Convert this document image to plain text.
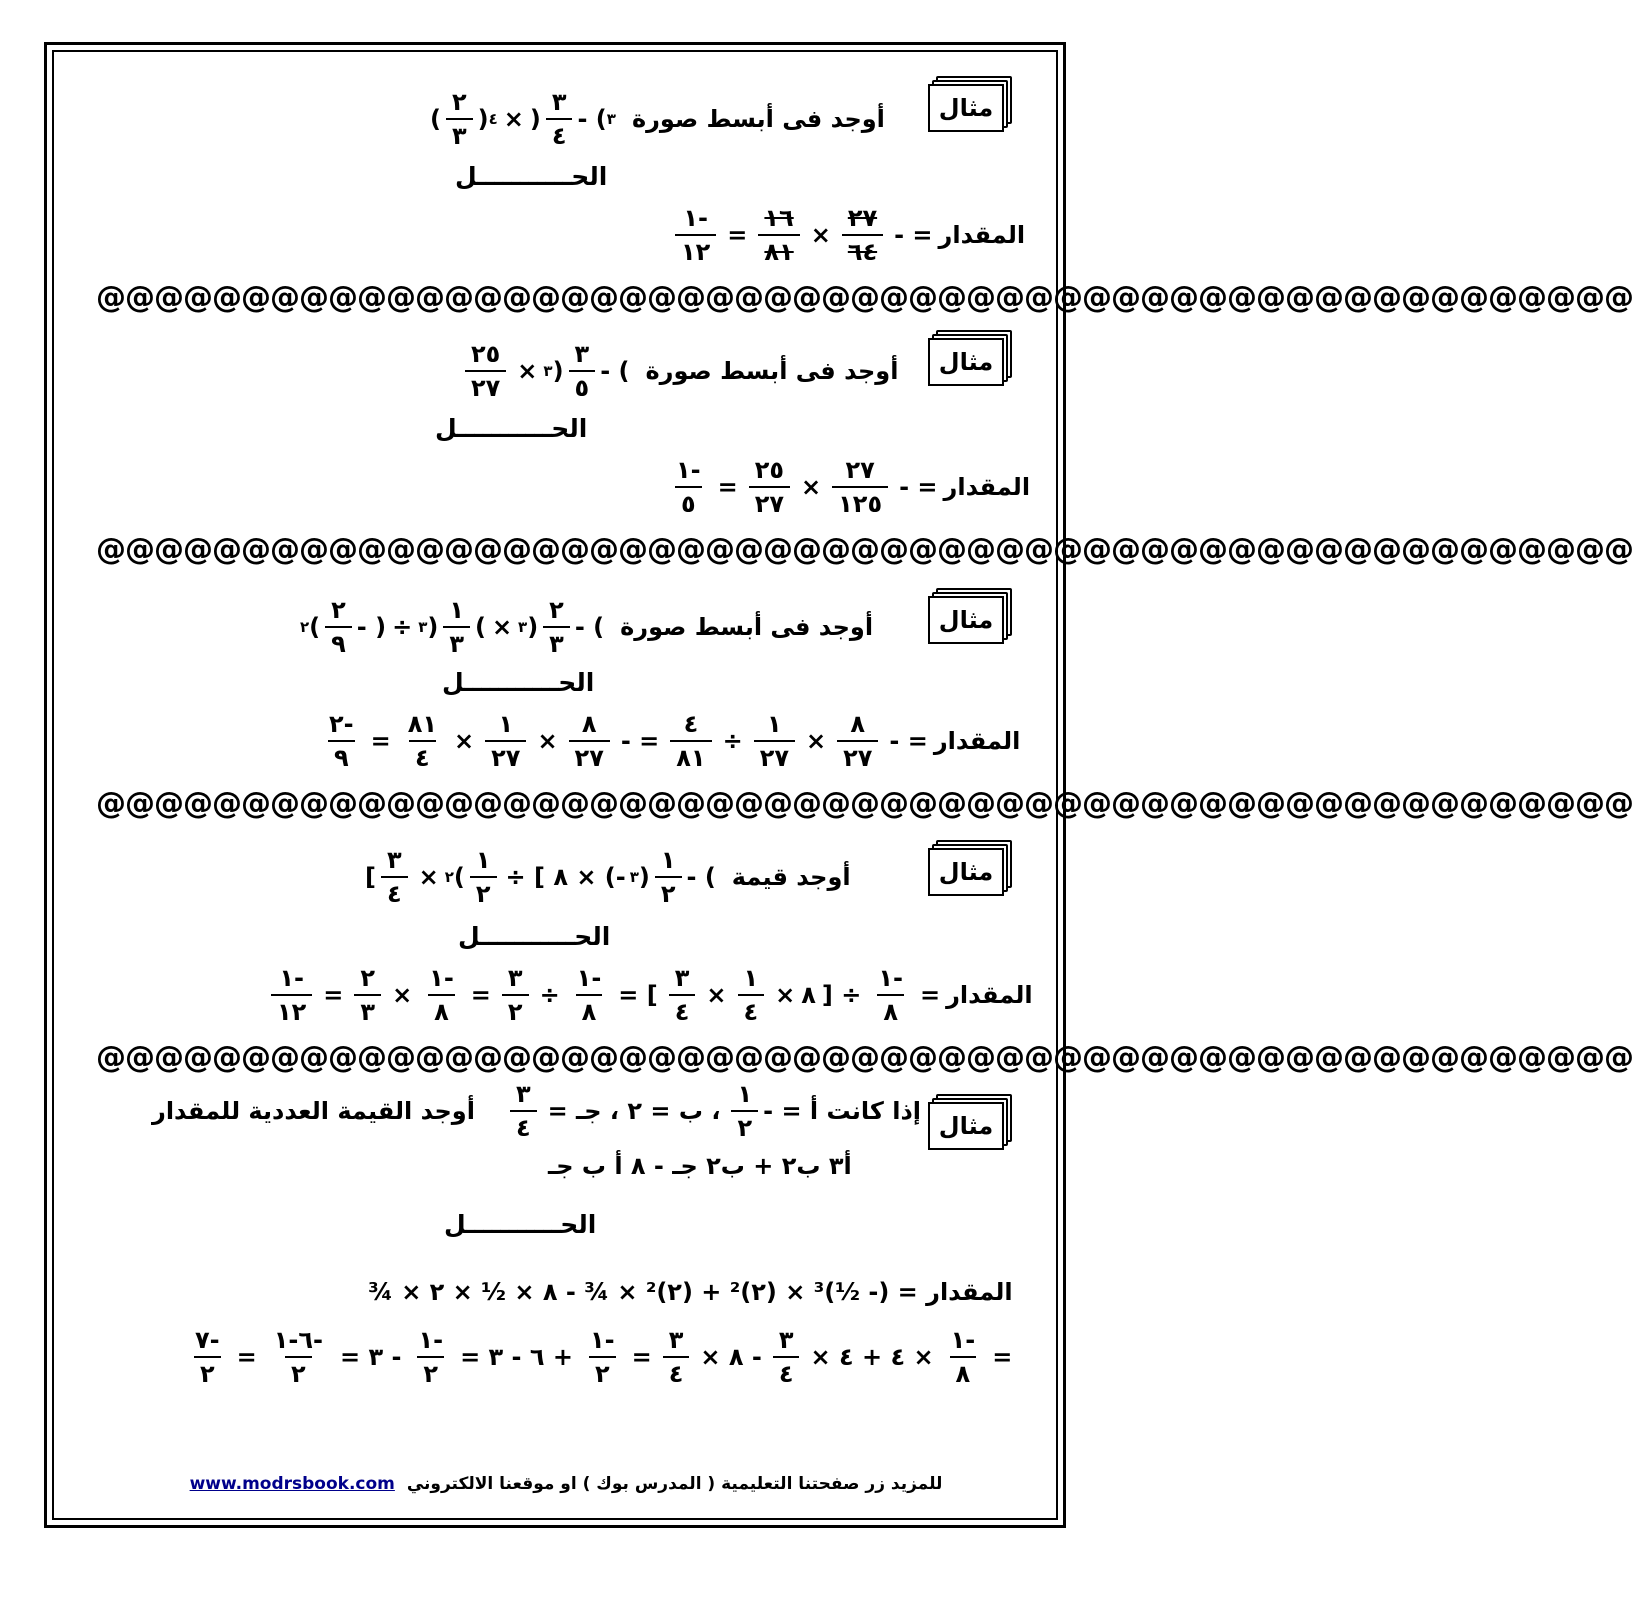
مثال
( $\frac{٢}{٣}$ ) ٤ × ) $\frac{٣}{٤}$ - ( ٣ أوجد فى أبسط صورة
الحـــــــــــل
$\frac{١-}{١٢} = \frac{١٦}{٨١} \times \frac{٢٧}{٦٤}$ - = المقدار
@@@@@@@@@@@@@@@@@@@@@@@@@@@@@@@@@@@@@@@@@@@@@@@@@@@@@
مثال
$\frac{٢٥}{٢٧}$ × ٣ ) $\frac{٣}{٥}$ - ( أوجد فى أبسط صورة
الحـــــــــــل
$\frac{١-}{٥} = \frac{٢٥}{٢٧} \times \frac{٢٧}{١٢٥}$ - = المقدار
@@@@@@@@@@@@@@@@@@@@@@@@@@@@@@@@@@@@@@@@@@@@@@@@@@@@@
مثال
٢ ( $\frac{٢}{٩}$ - ) ÷ ٣ ) $\frac{١}{٣}$ ( × ٣ ) $\frac{٢}{٣}$ - ( أوجد فى أبسط صورة
الحـــــــــــل
$\frac{٢-}{٩} = \frac{٨١}{٤} \times \frac{١}{٢٧} \times \frac{٨}{٢٧}$ - = $\frac{٤}{٨١} \div \frac{١}{٢٧} \times \frac{٨}{٢٧}$ - = المقدار
@@@@@@@@@@@@@@@@@@@@@@@@@@@@@@@@@@@@@@@@@@@@@@@@@@@@@
مثال
[ $\frac{٣}{٤}$ × ٢ ( $\frac{١}{٢}$ ÷ [ ٨ × (- ٣ ) $\frac{١}{٢}$ - ( أوجد قيمة
الحـــــــــــل
$\frac{١-}{١٢} = \frac{٢}{٣} \times \frac{١-}{٨} = \frac{٣}{٢} \div \frac{١-}{٨}$ = [ $\frac{٣}{٤} \times \frac{١}{٤}$ × ٨ ] ÷ $\frac{١-}{٨}$ = المقدار
@@@@@@@@@@@@@@@@@@@@@@@@@@@@@@@@@@@@@@@@@@@@@@@@@@@@@
مثال
إذا كانت أ = -
$\frac{١}{٢}$
، ب = ٢ ، جـ =
$\frac{٣}{٤}$
أوجد القيمة العددية للمقدار
أ٣ ب٢ + ب٢ جـ - ٨ أ ب جـ
الحـــــــــــل
المقدار = (- ½)³ × (٢)² + (٢)² × ¾ - ٨ × ½ × ٢ × ¾
$\frac{٧-}{٢} = \frac{٦-١-}{٢}$ = ٣ - $\frac{١-}{٢}$ = ٦ - ٣ + $\frac{١-}{٢} = \frac{٣}{٤}$ × ٨ - $\frac{٣}{٤}$ × ٤ + ٤ × $\frac{١-}{٨}$ =
www.modrsbook.com للمزيد زر صفحتنا التعليمية ( المدرس بوك ) او موقعنا الالكتروني
